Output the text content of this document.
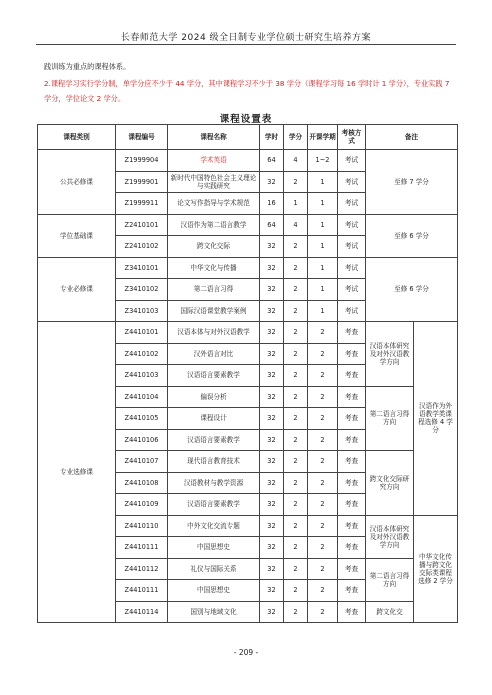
长春师范大学 2024 级全日制专业学位硕士研究生培养方案
践训练为重点的课程体系。
2.课程学习实行学分制，单学分应不少于 44 学分，其中课程学习不少于 38 学分（课程学习每 16 学时计 1 学分），专业实践 7 学分，学位论文 2 学分。
课程设置表
课程类别	课程编号	课程名称	学时	学分	开课学期	考核方式	备注	
公共必修课	Z1999904	学术英语	64	4	1~2	考试	至修 7 学分	
	Z1999901	新时代中国特色社会主义理论与实践研究	32	2	1	考试		
	Z1999911	论文写作指导与学术规范	16	1	1	考试		
学位基础课	Z2410101	汉语作为第二语言教学	64	4	1	考试	至修 6 学分	
	Z2410102	跨文化交际	32	2	1	考试		
专业必修课	Z3410101	中华文化与传播	32	2	1	考试	至修 6 学分	
	Z3410102	第二语言习得	32	2	1	考试		
	Z3410103	国际汉语课堂教学案例	32	2	1	考试		
专业选修课	Z4410101	汉语本体与对外汉语教学	32	2	2	考查	汉语本体研究及对外汉语教学方向	汉语作为外语教学类课程选修 4 学分
	Z4410102	汉外语言对比	32	2	2	考查		
	Z4410103	汉语语言要素教学	32	2	2	考查		
	Z4410104	偏误分析	32	2	2	考查	第二语言习得方向	
	Z4410105	课程设计	32	2	2	考查		
	Z4410106	汉语语言要素教学	32	2	2	考查		
	Z4410107	现代语言教育技术	32	2	2	考查	跨文化交际研究方向	
	Z4410108	汉语教材与教学资源	32	2	2	考查		
	Z4410109	汉语语言要素教学	32	2	2	考查		
	Z4410110	中外文化交流专题	32	2	2	考查	汉语本体研究及对外汉语教学方向	中华文化传播与跨文化交际类课程选修 2 学分
	Z4410111	中国思想史	32	2	2	考查		
	Z4410112	礼仪与国际关系	32	2	2	考查	第二语言习得方向	
	Z4410111	中国思想史	32	2	2	考查		
	Z4410114	国别与地域文化	32	2	2	考查	跨文化交	
- 209 -
